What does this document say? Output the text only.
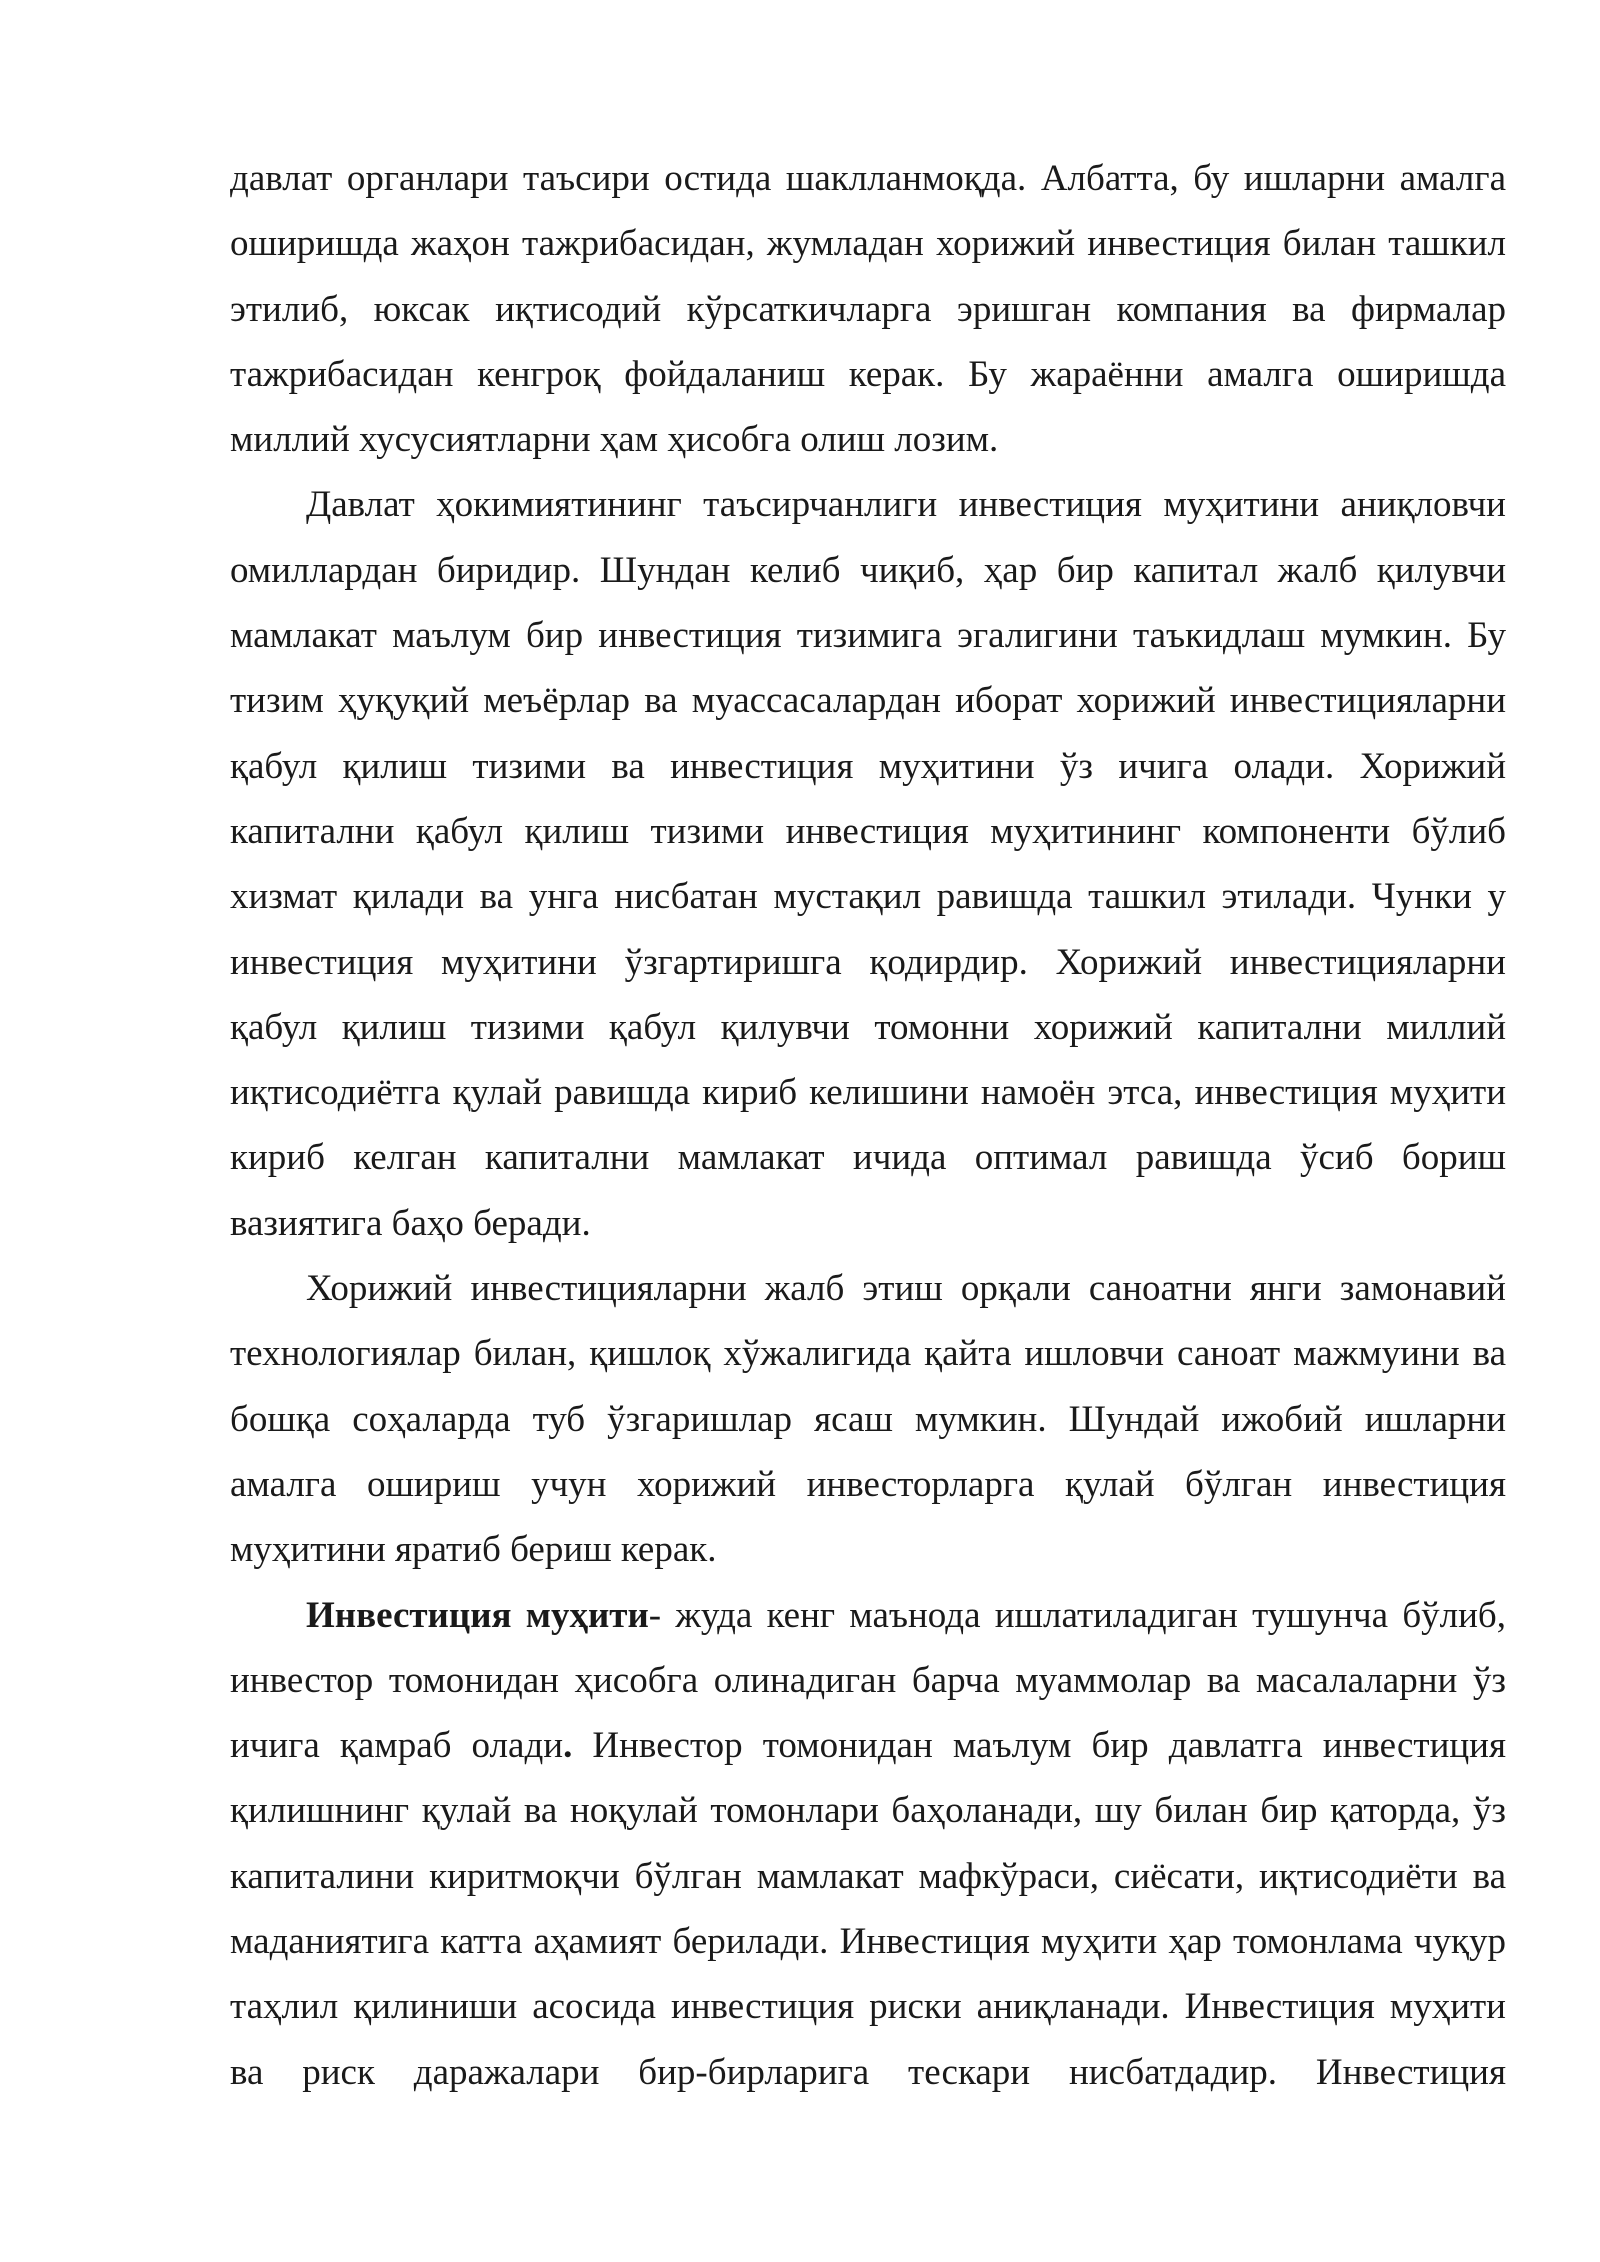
давлат органлари таъсири остида шаклланмоқда. Албатта, бу ишларни амалга оширишда жаҳон тажрибасидан, жумладан хорижий инвестиция билан ташкил этилиб, юксак иқтисодий кўрсаткичларга эришган компания ва фирмалар тажрибасидан кенгроқ фойдаланиш керак. Бу жараённи амалга оширишда миллий хусусиятларни ҳам ҳисобга олиш лозим.

Давлат ҳокимиятининг таъсирчанлиги инвестиция муҳитини аниқловчи омиллардан биридир. Шундан келиб чиқиб, ҳар бир капитал жалб қилувчи мамлакат маълум бир инвестиция тизимига эгалигини таъкидлаш мумкин. Бу тизим ҳуқуқий меъёрлар ва муассасалардан иборат хорижий инвестицияларни қабул қилиш тизими ва инвестиция муҳитини ўз ичига олади. Хорижий капитални қабул қилиш тизими инвестиция муҳитининг компоненти бўлиб хизмат қилади ва унга нисбатан мустақил равишда ташкил этилади. Чунки у инвестиция муҳитини ўзгартиришга қодирдир. Хорижий инвестицияларни қабул қилиш тизими қабул қилувчи томонни хорижий капитални миллий иқтисодиётга қулай равишда кириб келишини намоён этса, инвестиция муҳити кириб келган капитални мамлакат ичида оптимал равишда ўсиб бориш вазиятига баҳо беради.

Хорижий инвестицияларни жалб этиш орқали саноатни янги замонавий технологиялар билан, қишлоқ хўжалигида қайта ишловчи саноат мажмуини ва бошқа соҳаларда туб ўзгаришлар ясаш мумкин. Шундай ижобий ишларни амалга ошириш учун хорижий инвесторларга қулай бўлган инвестиция муҳитини яратиб бериш керак.

Инвестиция муҳити- жуда кенг маънода ишлатиладиган тушунча бўлиб, инвестор томонидан ҳисобга олинадиган барча муаммолар ва масалаларни ўз ичига қамраб олади. Инвестор томонидан маълум бир давлатга инвестиция қилишнинг қулай ва ноқулай томонлари баҳоланади, шу билан бир қаторда, ўз капиталини киритмоқчи бўлган мамлакат мафкўраси, сиёсати, иқтисодиёти ва маданиятига катта аҳамият берилади. Инвестиция муҳити ҳар томонлама чуқур таҳлил қилиниши асосида инвестиция риски аниқланади. Инвестиция муҳити ва риск даражалари бир-бирларига тескари нисбатдадир. Инвестиция
